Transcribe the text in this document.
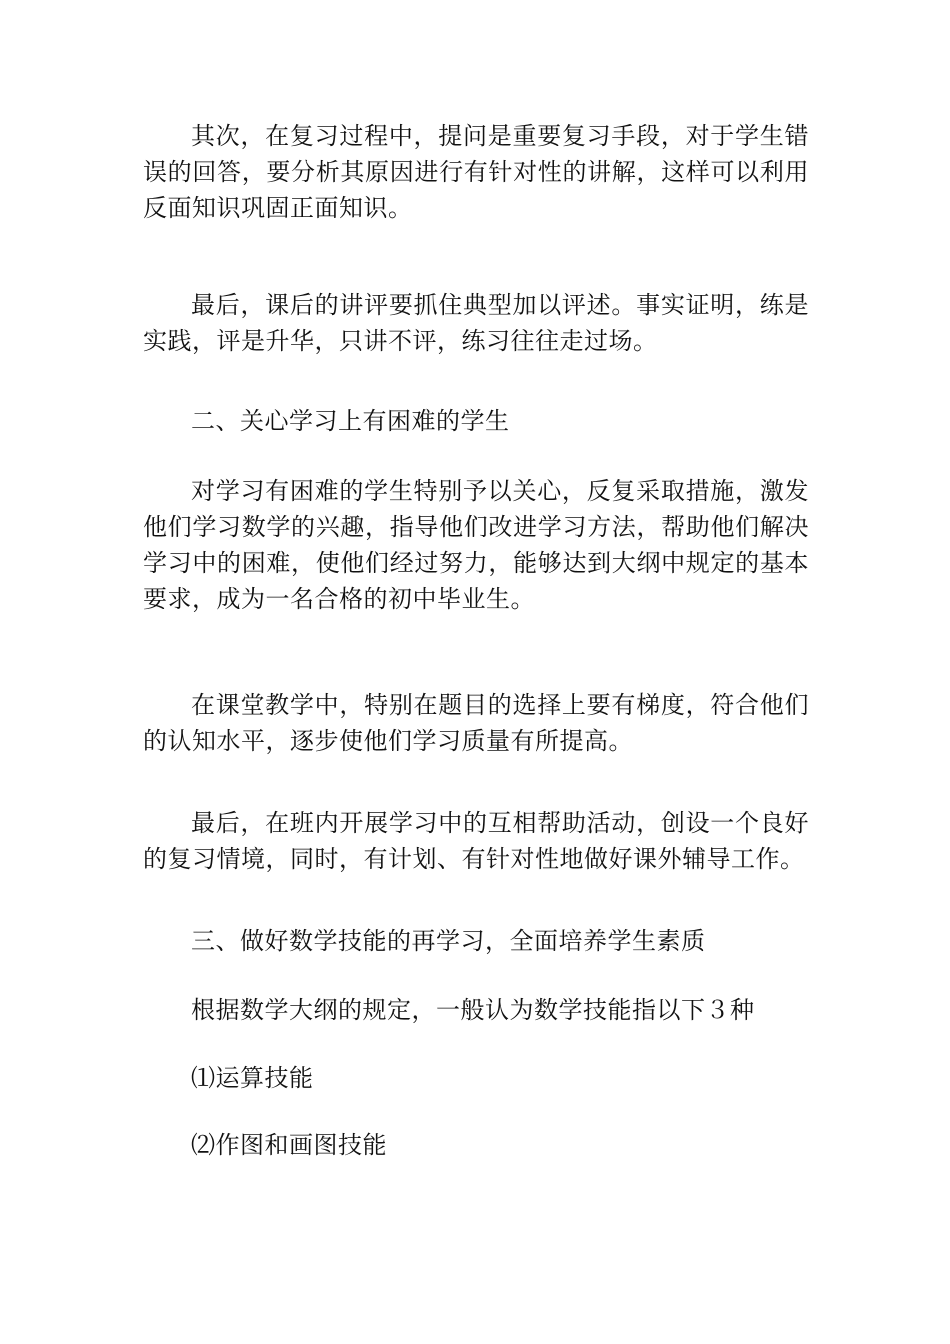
其次，在复习过程中，提问是重要复习手段，对于学生错误的回答，要分析其原因进行有针对性的讲解，这样可以利用反面知识巩固正面知识。

最后，课后的讲评要抓住典型加以评述。事实证明，练是实践，评是升华，只讲不评，练习往往走过场。

二、关心学习上有困难的学生

对学习有困难的学生特别予以关心，反复采取措施，激发他们学习数学的兴趣，指导他们改进学习方法，帮助他们解决学习中的困难，使他们经过努力，能够达到大纲中规定的基本要求，成为一名合格的初中毕业生。

在课堂教学中，特别在题目的选择上要有梯度，符合他们的认知水平，逐步使他们学习质量有所提高。

最后，在班内开展学习中的互相帮助活动，创设一个良好的复习情境，同时，有计划、有针对性地做好课外辅导工作。

三、做好数学技能的再学习，全面培养学生素质

根据数学大纲的规定，一般认为数学技能指以下３种

⑴运算技能

⑵作图和画图技能
